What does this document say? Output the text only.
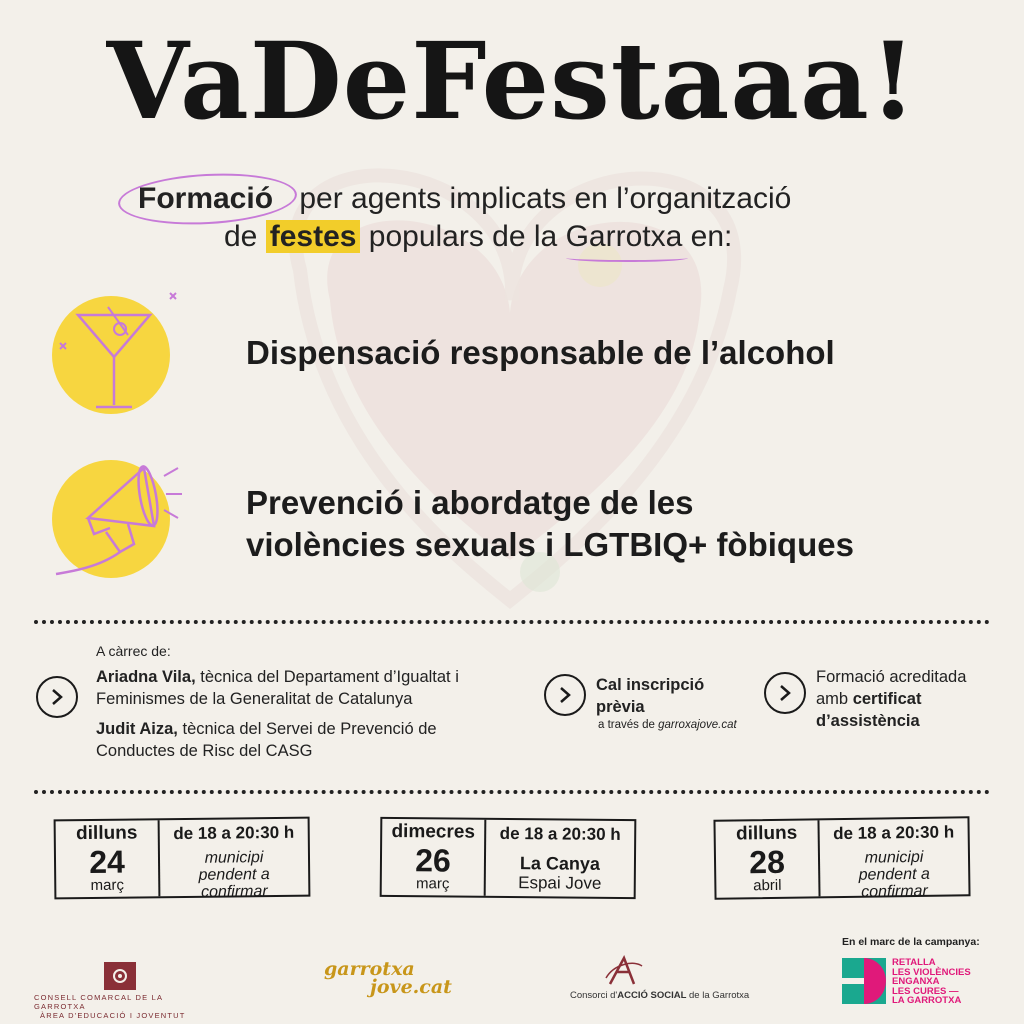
VaDeFestaaa!
Formació per agents implicats en l’organització
de festes populars de la Garrotxa en:
Dispensació responsable de l’alcohol
Prevenció i abordatge de les
violències sexuals i LGTBIQ+ fòbiques
A càrrec de:
Ariadna Vila, tècnica del Departament d’Igualtat i
Feminismes de la Generalitat de Catalunya
Judit Aiza, tècnica del Servei de Prevenció de
Conductes de Risc del CASG
Cal inscripció
prèvia
a través de garroxajove.cat
Formació acreditada
amb certificat
d’assistència
dilluns
24
març
de 18 a 20:30 h
municipi
pendent a
confirmar
dimecres
26
març
de 18 a 20:30 h
La Canya
Espai Jove
dilluns
28
abril
de 18 a 20:30 h
municipi
pendent a
confirmar
CONSELL COMARCAL DE LA GARROTXA
ÀREA D'EDUCACIÓ I JOVENTUT
garrotxa
jove.cat	Consorci d'ACCIÓ SOCIAL de la Garrotxa
En el marc de la campanya:
RETALLA
LES VIOLÈNCIES
ENGANXA
LES CURES —
LA GARROTXA
